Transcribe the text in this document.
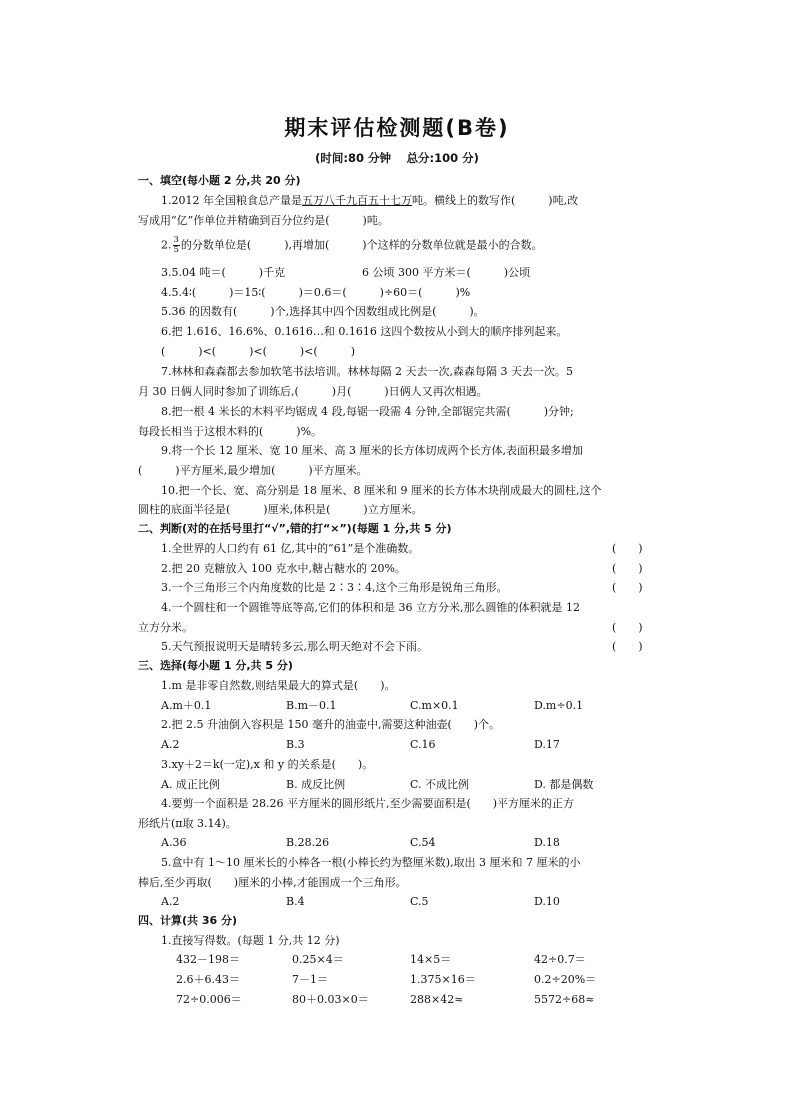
期末评估检测题(B卷)
(时间:80 分钟　 总分:100 分)
一、填空(每小题 2 分,共 20 分)
1.2012 年全国粮食总产量是五万八千九百五十七万吨。横线上的数写作(　　　)吨,改
写成用“亿”作单位并精确到百分位约是(　　　)吨。
2. $\frac{3}{5}$ 的分数单位是(　　　),再增加(　　　)个这样的分数单位就是最小的合数。
3.5.04 吨＝(　　　)千克	6 公顷 300 平方米＝(　　　)公顷
4.5.4∶(　　　)＝15∶(　　　)＝0.6＝(　　　)÷60＝(　　　)%
5.36 的因数有(　　　)个,选择其中四个因数组成比例是(　　　)。
6.把 1.616、16.6%、0.1616…和 0.1616 这四个数按从小到大的顺序排列起来。
(　　　)<(　　　)<(　　　)<(　　　)
7.林林和森森都去参加软笔书法培训。林林每隔 2 天去一次,森森每隔 3 天去一次。5
月 30 日俩人同时参加了训练后,(　　　)月(　　　)日俩人又再次相遇。
8.把一根 4 米长的木料平均锯成 4 段,每锯一段需 4 分钟,全部锯完共需(　　　)分钟;
每段长相当于这根木料的(　　　)%。
9.将一个长 12 厘米、宽 10 厘米、高 3 厘米的长方体切成两个长方体,表面积最多增加
(　　　)平方厘米,最少增加(　　　)平方厘米。
10.把一个长、宽、高分别是 18 厘米、8 厘米和 9 厘米的长方体木块削成最大的圆柱,这个
圆柱的底面半径是(　　　)厘米,体积是(　　　)立方厘米。
二、判断(对的在括号里打“√”,错的打“×”)(每题 1 分,共 5 分)
1.全世界的人口约有 61 亿,其中的“61”是个准确数。	(　　)
2.把 20 克糖放入 100 克水中,糖占糖水的 20%。	(　　)
3.一个三角形三个内角度数的比是 2∶3∶4,这个三角形是锐角三角形。	(　　)
4.一个圆柱和一个圆锥等底等高,它们的体积和是 36 立方分米,那么圆锥的体积就是 12
立方分米。	(　　)
5.天气预报说明天是晴转多云,那么明天绝对不会下雨。	(　　)
三、选择(每小题 1 分,共 5 分)
1.m 是非零自然数,则结果最大的算式是(　　)。
A.m＋0.1	B.m－0.1	C.m×0.1	D.m÷0.1
2.把 2.5 升油倒入容积是 150 毫升的油壶中,需要这种油壶(　　)个。
A.2	B.3	C.16	D.17
3.xy＋2＝k(一定),x 和 y 的关系是(　　)。
A. 成正比例	B. 成反比例	C. 不成比例	D. 都是偶数
4.要剪一个面积是 28.26 平方厘米的圆形纸片,至少需要面积是(　　)平方厘米的正方
形纸片(π取 3.14)。
A.36	B.28.26	C.54	D.18
5.盒中有 1～10 厘米长的小棒各一根(小棒长约为整厘米数),取出 3 厘米和 7 厘米的小
棒后,至少再取(　　)厘米的小棒,才能围成一个三角形。
A.2	B.4	C.5	D.10
四、计算(共 36 分)
1.直接写得数。(每题 1 分,共 12 分)
432－198＝	0.25×4＝	14×5＝	42÷0.7＝
2.6＋6.43＝	7－1＝	1.375×16＝	0.2÷20%＝
72÷0.006＝	80＋0.03×0＝	288×42≈	5572÷68≈
